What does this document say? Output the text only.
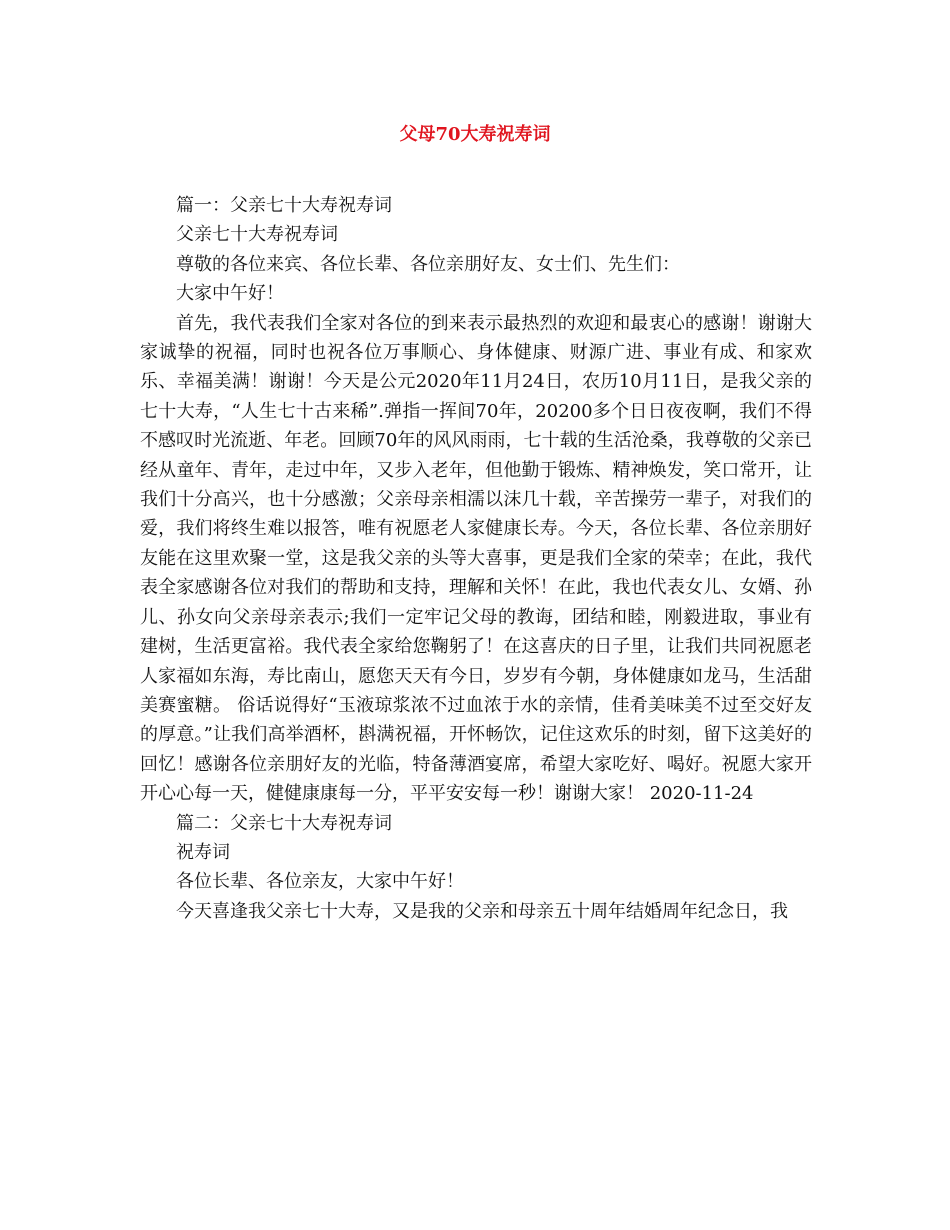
父母70大寿祝寿词

篇一：父亲七十大寿祝寿词

父亲七十大寿祝寿词

尊敬的各位来宾、各位长辈、各位亲朋好友、女士们、先生们：

大家中午好！

首先，我代表我们全家对各位的到来表示最热烈的欢迎和最衷心的感谢！谢谢大家诚挚的祝福，同时也祝各位万事顺心、身体健康、财源广进、事业有成、和家欢乐、幸福美满！谢谢！今天是公元2020年11月24日，农历10月11日，是我父亲的七十大寿，“人生七十古来稀”.弹指一挥间70年，20200多个日日夜夜啊，我们不得不感叹时光流逝、年老。回顾70年的风风雨雨，七十载的生活沧桑，我尊敬的父亲已经从童年、青年，走过中年，又步入老年，但他勤于锻炼、精神焕发，笑口常开，让我们十分高兴，也十分感激；父亲母亲相濡以沫几十载，辛苦操劳一辈子，对我们的爱，我们将终生难以报答，唯有祝愿老人家健康长寿。今天，各位长辈、各位亲朋好友能在这里欢聚一堂，这是我父亲的头等大喜事，更是我们全家的荣幸；在此，我代表全家感谢各位对我们的帮助和支持，理解和关怀！在此，我也代表女儿、女婿、孙儿、孙女向父亲母亲表示;我们一定牢记父母的教诲，团结和睦，刚毅进取，事业有建树，生活更富裕。我代表全家给您鞠躬了！在这喜庆的日子里，让我们共同祝愿老人家福如东海，寿比南山，愿您天天有今日，岁岁有今朝，身体健康如龙马，生活甜美赛蜜糖。 俗话说得好“玉液琼浆浓不过血浓于水的亲情，佳肴美味美不过至交好友的厚意。”让我们高举酒杯，斟满祝福，开怀畅饮，记住这欢乐的时刻，留下这美好的回忆！感谢各位亲朋好友的光临，特备薄酒宴席，希望大家吃好、喝好。祝愿大家开开心心每一天，健健康康每一分，平平安安每一秒！谢谢大家！ 2020-11-24

篇二：父亲七十大寿祝寿词

祝寿词

各位长辈、各位亲友，大家中午好！

今天喜逢我父亲七十大寿，又是我的父亲和母亲五十周年结婚周年纪念日，我
